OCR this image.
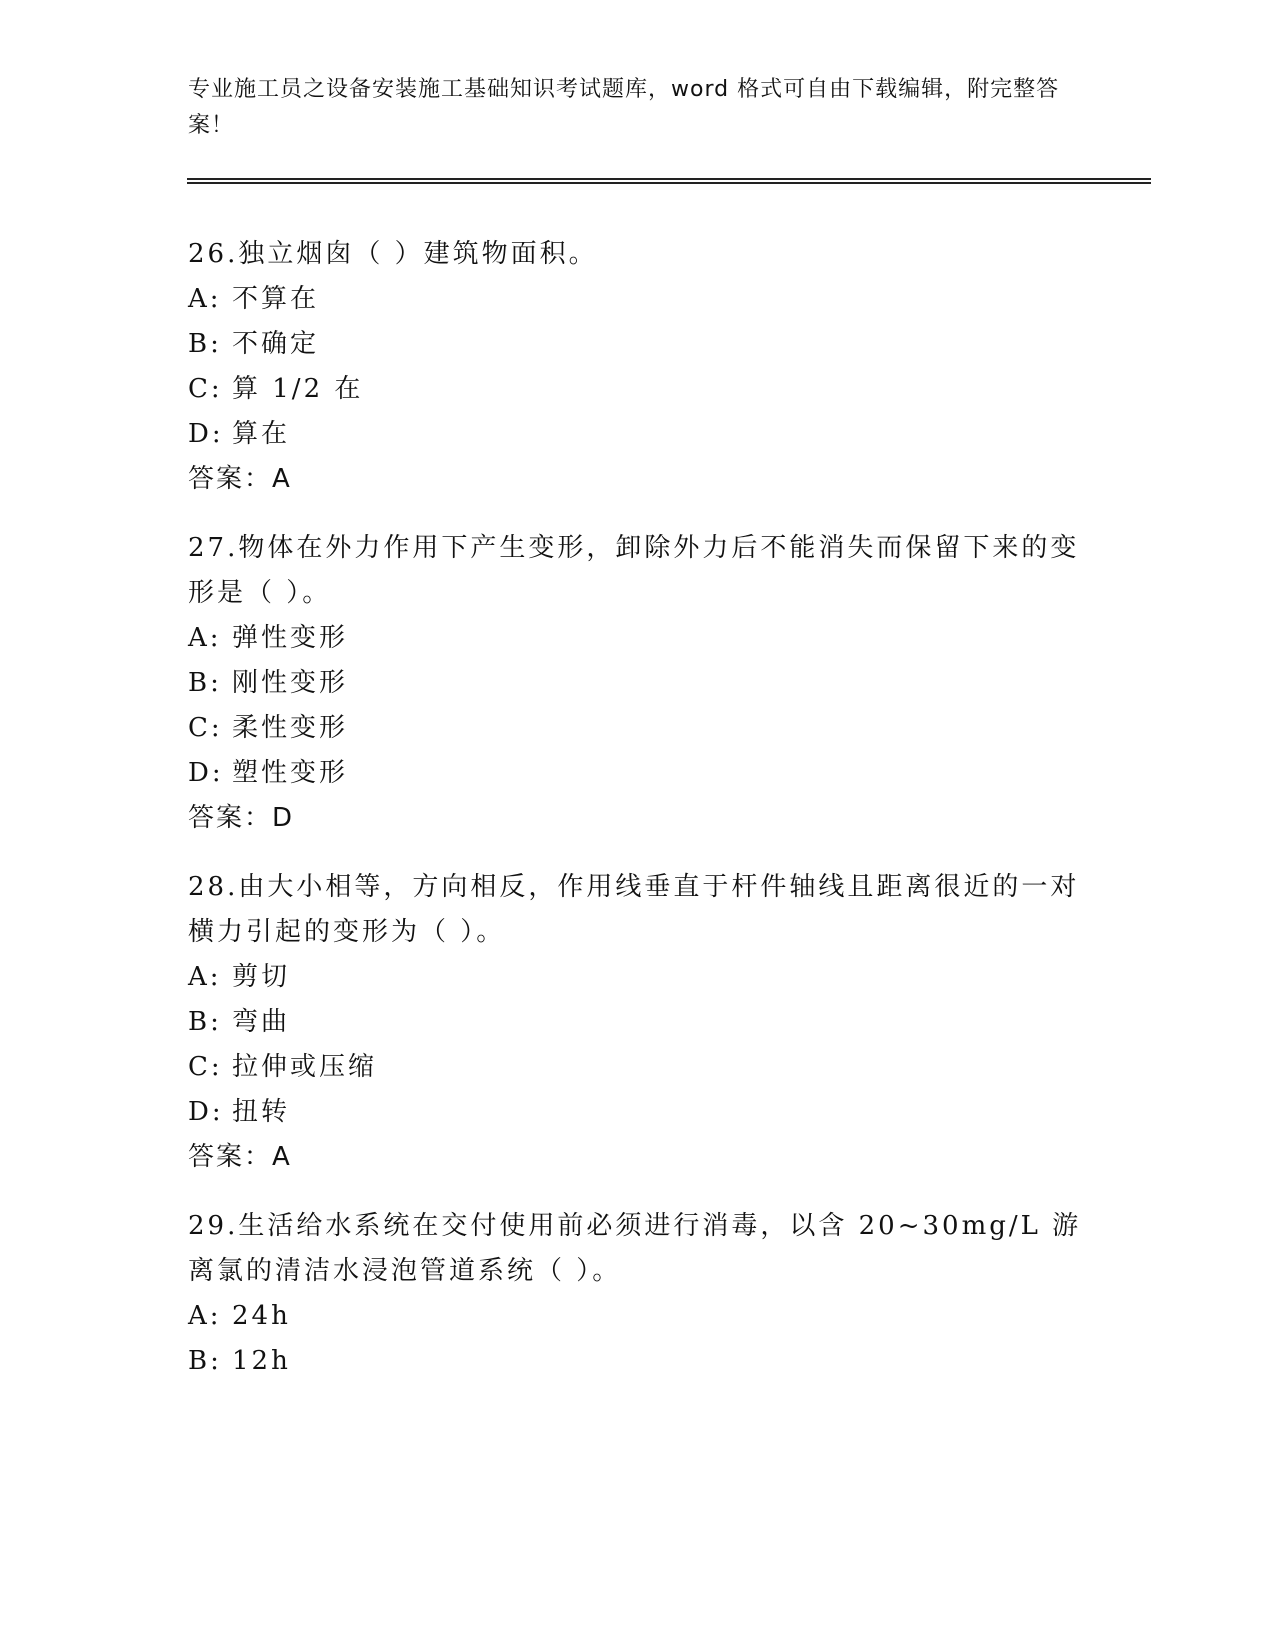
专业施工员之设备安装施工基础知识考试题库，word 格式可自由下载编辑，附完整答案！
26.独立烟囱（ ）建筑物面积。
A: 不算在
B: 不确定
C: 算 1/2 在
D: 算在
答案：A
27.物体在外力作用下产生变形，卸除外力后不能消失而保留下来的变形是（ ）。
A: 弹性变形
B: 刚性变形
C: 柔性变形
D: 塑性变形
答案：D
28.由大小相等，方向相反，作用线垂直于杆件轴线且距离很近的一对横力引起的变形为（ ）。
A: 剪切
B: 弯曲
C: 拉伸或压缩
D: 扭转
答案：A
29.生活给水系统在交付使用前必须进行消毒，以含 20~30mg/L 游离氯的清洁水浸泡管道系统（ ）。
A: 24h
B: 12h
